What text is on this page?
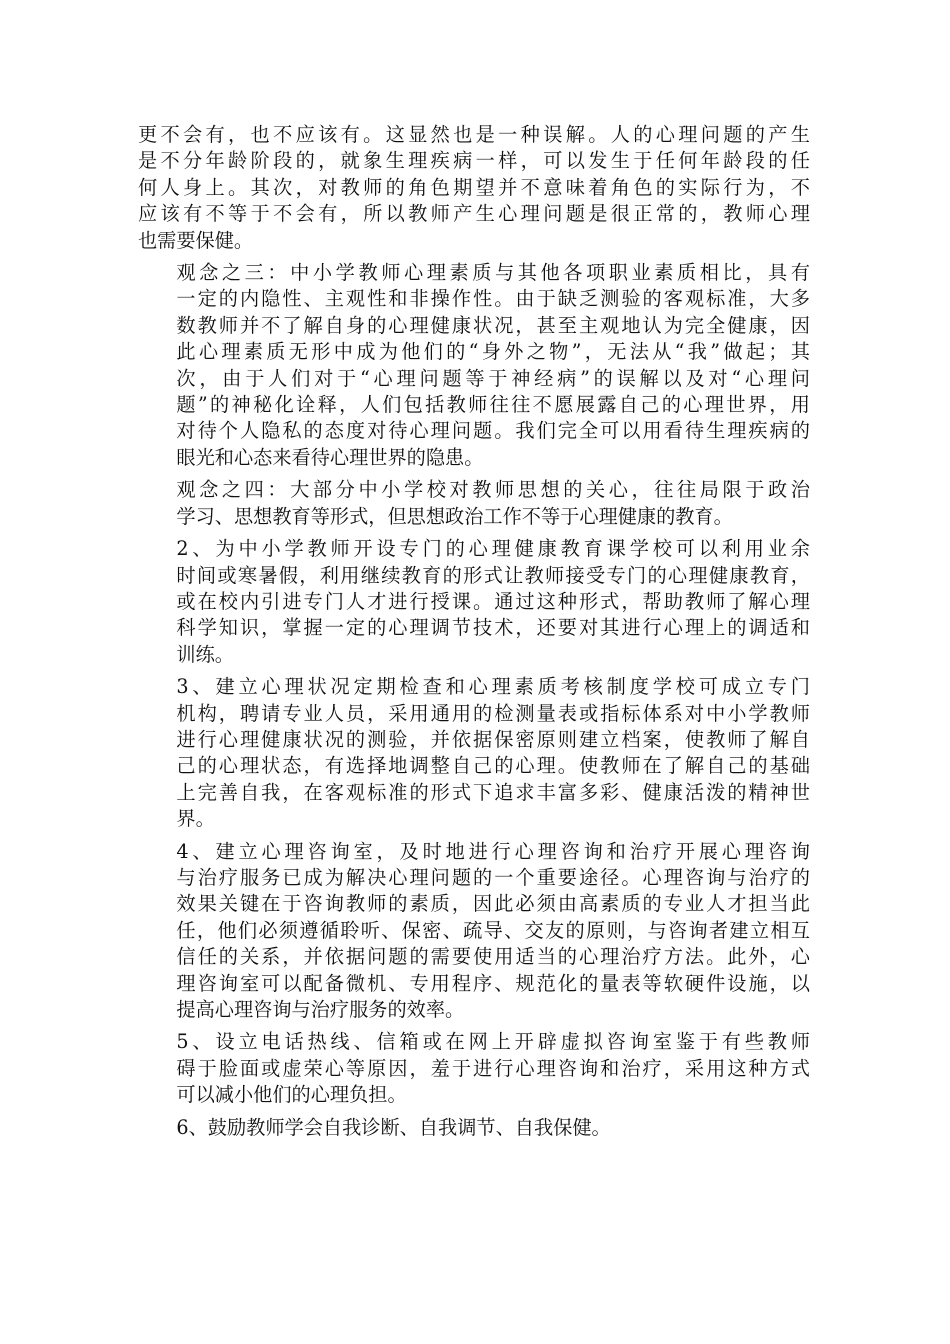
更不会有，也不应该有。这显然也是一种误解。人的心理问题的产生
是不分年龄阶段的，就象生理疾病一样，可以发生于任何年龄段的任
何人身上。其次，对教师的角色期望并不意味着角色的实际行为，不
应该有不等于不会有，所以教师产生心理问题是很正常的，教师心理
也需要保健。
观念之三：中小学教师心理素质与其他各项职业素质相比，具有
一定的内隐性、主观性和非操作性。由于缺乏测验的客观标准，大多
数教师并不了解自身的心理健康状况，甚至主观地认为完全健康，因
此心理素质无形中成为他们的“身外之物”，无法从“我”做起；其
次，由于人们对于“心理问题等于神经病”的误解以及对“心理问
题”的神秘化诠释，人们包括教师往往不愿展露自己的心理世界，用
对待个人隐私的态度对待心理问题。我们完全可以用看待生理疾病的
眼光和心态来看待心理世界的隐患。
观念之四：大部分中小学校对教师思想的关心，往往局限于政治
学习、思想教育等形式，但思想政治工作不等于心理健康的教育。
2、为中小学教师开设专门的心理健康教育课学校可以利用业余
时间或寒暑假，利用继续教育的形式让教师接受专门的心理健康教育，
或在校内引进专门人才进行授课。通过这种形式，帮助教师了解心理
科学知识，掌握一定的心理调节技术，还要对其进行心理上的调适和
训练。
3、建立心理状况定期检查和心理素质考核制度学校可成立专门
机构，聘请专业人员，采用通用的检测量表或指标体系对中小学教师
进行心理健康状况的测验，并依据保密原则建立档案，使教师了解自
己的心理状态，有选择地调整自己的心理。使教师在了解自己的基础
上完善自我，在客观标准的形式下追求丰富多彩、健康活泼的精神世
界。
4、建立心理咨询室，及时地进行心理咨询和治疗开展心理咨询
与治疗服务已成为解决心理问题的一个重要途径。心理咨询与治疗的
效果关键在于咨询教师的素质，因此必须由高素质的专业人才担当此
任，他们必须遵循聆听、保密、疏导、交友的原则，与咨询者建立相互
信任的关系，并依据问题的需要使用适当的心理治疗方法。此外，心
理咨询室可以配备微机、专用程序、规范化的量表等软硬件设施，以
提高心理咨询与治疗服务的效率。
5、设立电话热线、信箱或在网上开辟虚拟咨询室鉴于有些教师
碍于脸面或虚荣心等原因，羞于进行心理咨询和治疗，采用这种方式
可以减小他们的心理负担。
6、鼓励教师学会自我诊断、自我调节、自我保健。
